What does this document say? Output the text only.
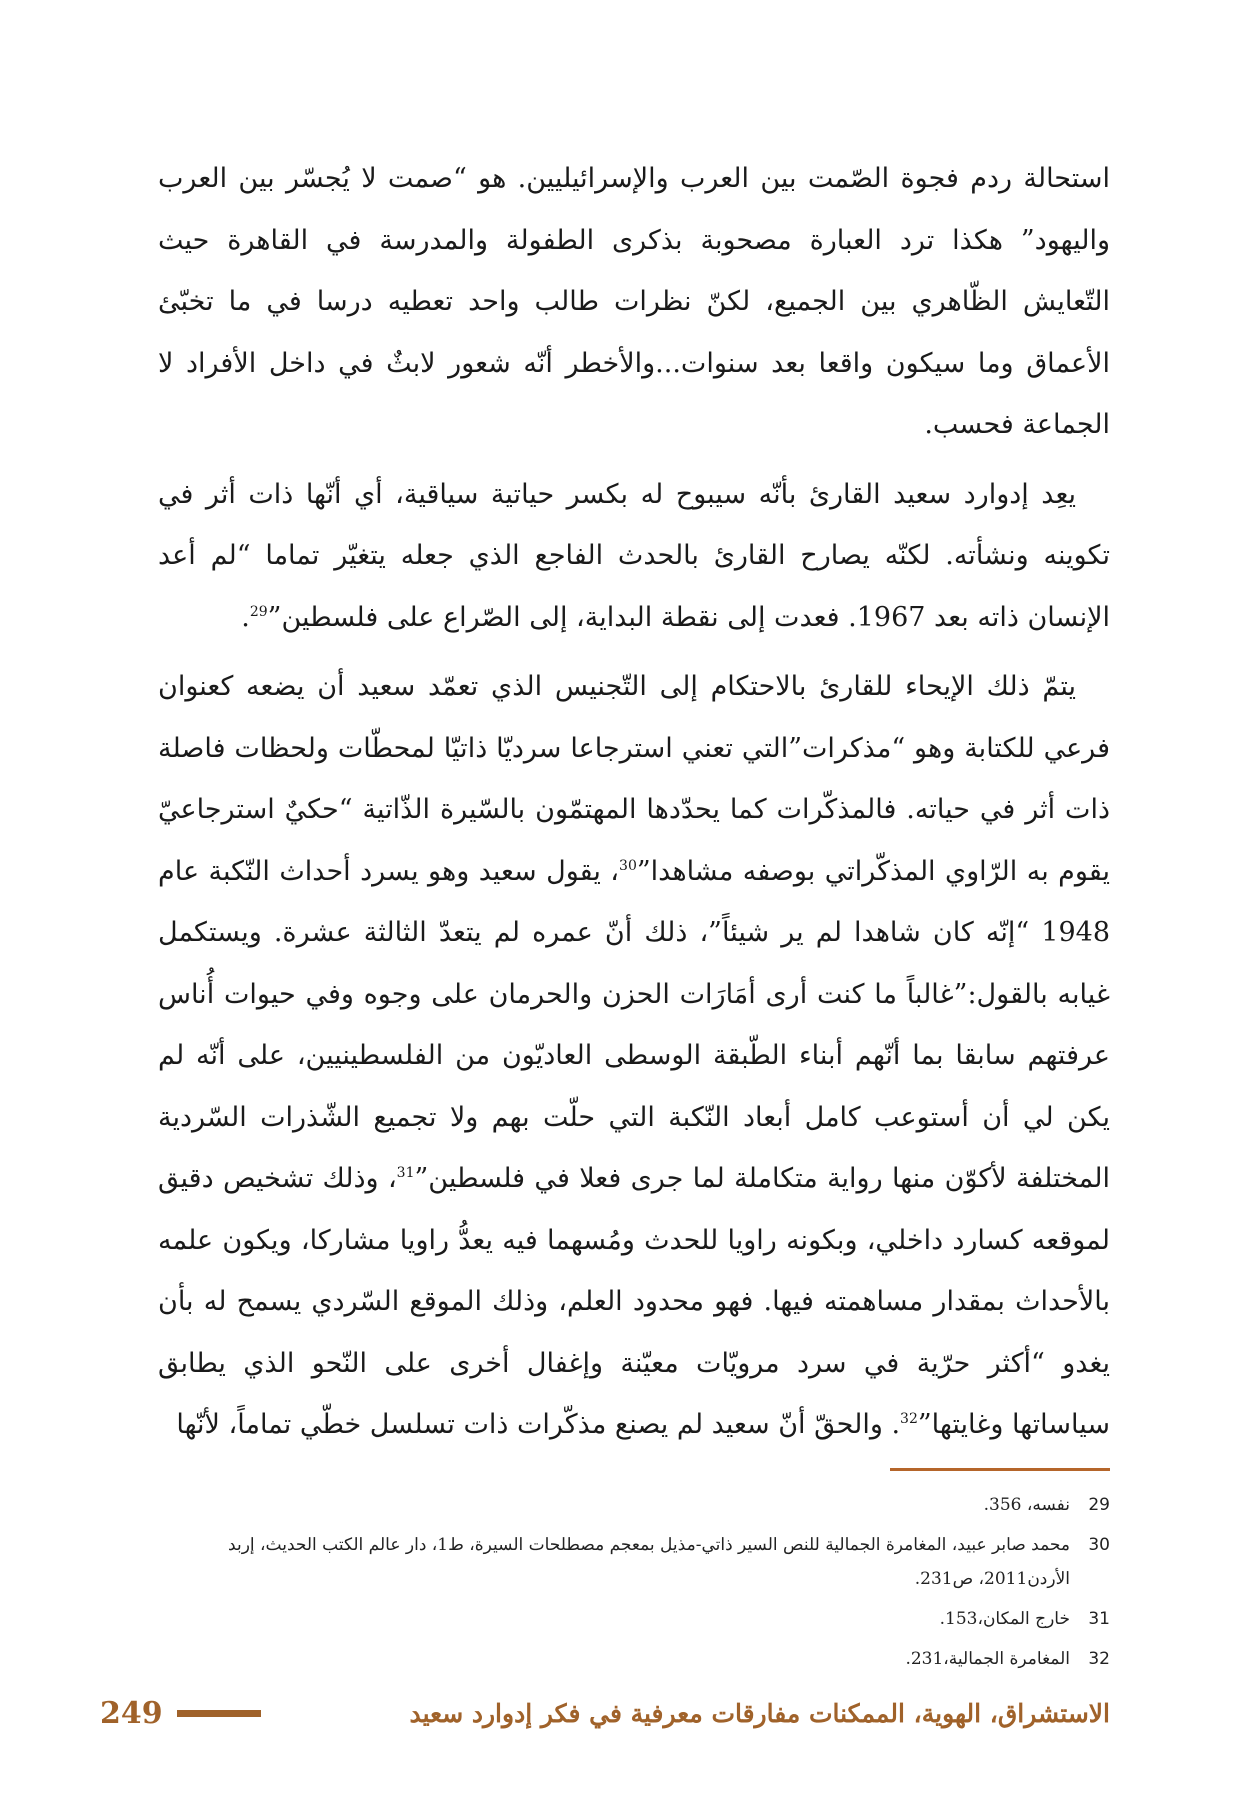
استحالة ردم فجوة الصّمت بين العرب والإسرائيليين. هو “صمت لا يُجسّر بين العرب واليهود” هكذا ترد العبارة مصحوبة بذكرى الطفولة والمدرسة في القاهرة حيث التّعايش الظّاهري بين الجميع، لكنّ نظرات طالب واحد تعطيه درسا في ما تخبّئ الأعماق وما سيكون واقعا بعد سنوات...والأخطر أنّه شعور لابثٌ في داخل الأفراد لا الجماعة فحسب.

يعِد إدوارد سعيد القارئ بأنّه سيبوح له بكسر حياتية سياقية، أي أنّها ذات أثر في تكوينه ونشأته. لكنّه يصارح القارئ بالحدث الفاجع الذي جعله يتغيّر تماما “لم أعد الإنسان ذاته بعد 1967. فعدت إلى نقطة البداية، إلى الصّراع على فلسطين”$^{29}$.

يتمّ ذلك الإيحاء للقارئ بالاحتكام إلى التّجنيس الذي تعمّد سعيد أن يضعه كعنوان فرعي للكتابة وهو “مذكرات”التي تعني استرجاعا سرديّا ذاتيّا لمحطّات ولحظات فاصلة ذات أثر في حياته. فالمذكّرات كما يحدّدها المهتمّون بالسّيرة الذّاتية “حكيٌ استرجاعيّ يقوم به الرّاوي المذكّراتي بوصفه مشاهدا”$^{30}$، يقول سعيد وهو يسرد أحداث النّكبة عام 1948 “إنّه كان شاهدا لم ير شيئاً”، ذلك أنّ عمره لم يتعدّ الثالثة عشرة. ويستكمل غيابه بالقول:”غالباً ما كنت أرى أمَارَات الحزن والحرمان على وجوه وفي حيوات أُناس عرفتهم سابقا بما أنّهم أبناء الطّبقة الوسطى العاديّون من الفلسطينيين، على أنّه لم يكن لي أن أستوعب كامل أبعاد النّكبة التي حلّت بهم ولا تجميع الشّذرات السّردية المختلفة لأكوّن منها رواية متكاملة لما جرى فعلا في فلسطين”$^{31}$، وذلك تشخيص دقيق لموقعه كسارد داخلي، وبكونه راويا للحدث ومُسهما فيه يعدُّ راويا مشاركا، ويكون علمه بالأحداث بمقدار مساهمته فيها. فهو محدود العلم، وذلك الموقع السّردي يسمح له بأن يغدو “أكثر حرّية في سرد مرويّات معيّنة وإغفال أخرى على النّحو الذي يطابق سياساتها وغايتها”$^{32}$. والحقّ أنّ سعيد لم يصنع مذكّرات ذات تسلسل خطّي تماماً، لأنّها

29
نفسه، 356.
30
محمد صابر عبيد، المغامرة الجمالية للنص السير ذاتي-مذيل بمعجم مصطلحات السيرة، ط1، دار عالم الكتب الحديث، إربد الأردن2011، ص231.
31
خارج المكان،153.
32
المغامرة الجمالية،231.
249	الاستشراق، الهوية، الممكنات مفارقات معرفية في فكر إدوارد سعيد
